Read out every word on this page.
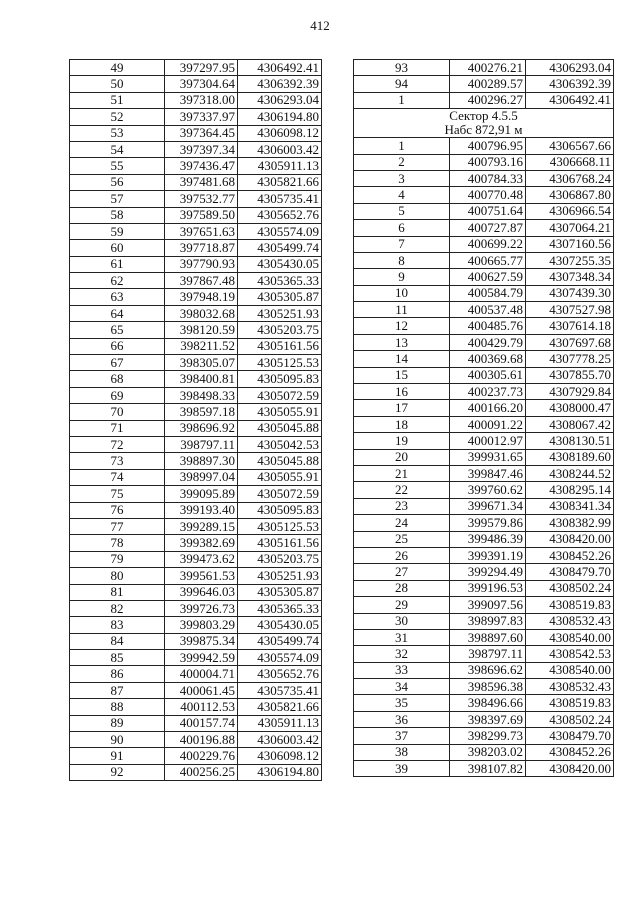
412
49	397297.95	4306492.41
50	397304.64	4306392.39
51	397318.00	4306293.04
52	397337.97	4306194.80
53	397364.45	4306098.12
54	397397.34	4306003.42
55	397436.47	4305911.13
56	397481.68	4305821.66
57	397532.77	4305735.41
58	397589.50	4305652.76
59	397651.63	4305574.09
60	397718.87	4305499.74
61	397790.93	4305430.05
62	397867.48	4305365.33
63	397948.19	4305305.87
64	398032.68	4305251.93
65	398120.59	4305203.75
66	398211.52	4305161.56
67	398305.07	4305125.53
68	398400.81	4305095.83
69	398498.33	4305072.59
70	398597.18	4305055.91
71	398696.92	4305045.88
72	398797.11	4305042.53
73	398897.30	4305045.88
74	398997.04	4305055.91
75	399095.89	4305072.59
76	399193.40	4305095.83
77	399289.15	4305125.53
78	399382.69	4305161.56
79	399473.62	4305203.75
80	399561.53	4305251.93
81	399646.03	4305305.87
82	399726.73	4305365.33
83	399803.29	4305430.05
84	399875.34	4305499.74
85	399942.59	4305574.09
86	400004.71	4305652.76
87	400061.45	4305735.41
88	400112.53	4305821.66
89	400157.74	4305911.13
90	400196.88	4306003.42
91	400229.76	4306098.12
92	400256.25	4306194.80
93	400276.21	4306293.04
94	400289.57	4306392.39
1	400296.27	4306492.41

Сектор 4.5.5
Набс 872,91 м		

1	400796.95	4306567.66
2	400793.16	4306668.11
3	400784.33	4306768.24
4	400770.48	4306867.80
5	400751.64	4306966.54
6	400727.87	4307064.21
7	400699.22	4307160.56
8	400665.77	4307255.35
9	400627.59	4307348.34
10	400584.79	4307439.30
11	400537.48	4307527.98
12	400485.76	4307614.18
13	400429.79	4307697.68
14	400369.68	4307778.25
15	400305.61	4307855.70
16	400237.73	4307929.84
17	400166.20	4308000.47
18	400091.22	4308067.42
19	400012.97	4308130.51
20	399931.65	4308189.60
21	399847.46	4308244.52
22	399760.62	4308295.14
23	399671.34	4308341.34
24	399579.86	4308382.99
25	399486.39	4308420.00
26	399391.19	4308452.26
27	399294.49	4308479.70
28	399196.53	4308502.24
29	399097.56	4308519.83
30	398997.83	4308532.43
31	398897.60	4308540.00
32	398797.11	4308542.53
33	398696.62	4308540.00
34	398596.38	4308532.43
35	398496.66	4308519.83
36	398397.69	4308502.24
37	398299.73	4308479.70
38	398203.02	4308452.26
39	398107.82	4308420.00
